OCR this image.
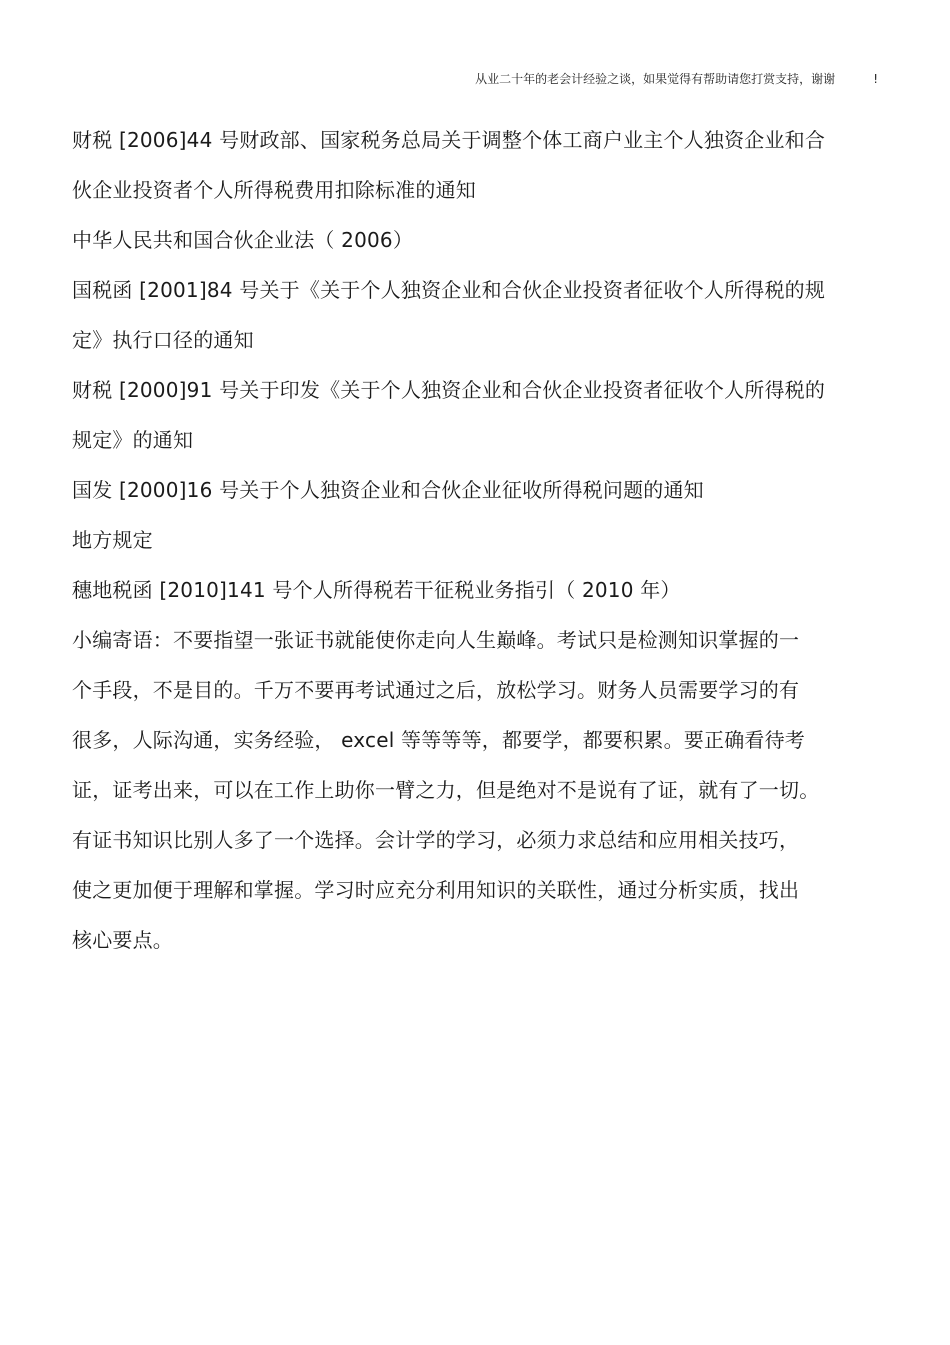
从业二十年的老会计经验之谈，如果觉得有帮助请您打赏支持，谢谢	!
财税 [2006]44 号财政部、国家税务总局关于调整个体工商户业主个人独资企业和合
伙企业投资者个人所得税费用扣除标准的通知
中华人民共和国合伙企业法（ 2006）
国税函 [2001]84 号关于《关于个人独资企业和合伙企业投资者征收个人所得税的规
定》执行口径的通知
财税 [2000]91 号关于印发《关于个人独资企业和合伙企业投资者征收个人所得税的
规定》的通知
国发 [2000]16 号关于个人独资企业和合伙企业征收所得税问题的通知
地方规定
穗地税函 [2010]141 号个人所得税若干征税业务指引（ 2010 年）
小编寄语：不要指望一张证书就能使你走向人生巅峰。考试只是检测知识掌握的一
个手段，不是目的。千万不要再考试通过之后，放松学习。财务人员需要学习的有
很多，人际沟通，实务经验， excel 等等等等，都要学，都要积累。要正确看待考
证，证考出来，可以在工作上助你一臂之力，但是绝对不是说有了证，就有了一切。
有证书知识比别人多了一个选择。会计学的学习，必须力求总结和应用相关技巧，
使之更加便于理解和掌握。学习时应充分利用知识的关联性，通过分析实质，找出
核心要点。
